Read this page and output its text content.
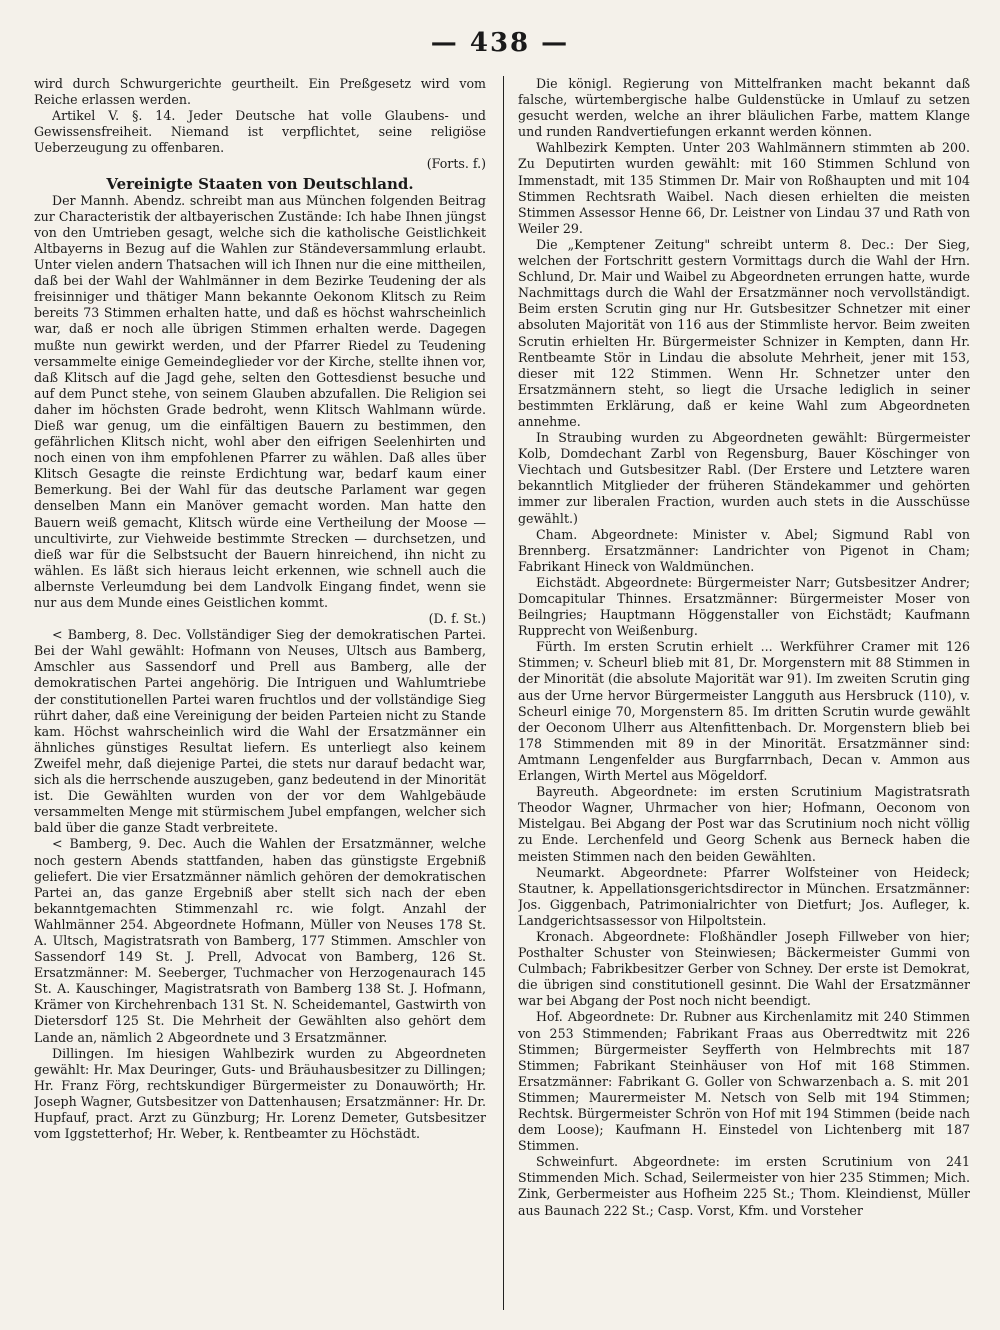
— 438 —

wird durch Schwurgerichte geurtheilt. Ein Preßgesetz wird vom Reiche erlassen werden.

Artikel V. §. 14. Jeder Deutsche hat volle Glaubens- und Gewissensfreiheit. Niemand ist verpflichtet, seine religiöse Ueberzeugung zu offenbaren.

(Forts. f.)

Vereinigte Staaten von Deutschland.

Der Mannh. Abendz. schreibt man aus München folgenden Beitrag zur Characteristik der altbayerischen Zustände: Ich habe Ihnen jüngst von den Umtrieben gesagt, welche sich die katholische Geistlichkeit Altbayerns in Bezug auf die Wahlen zur Ständeversammlung erlaubt. Unter vielen andern Thatsachen will ich Ihnen nur die eine mittheilen, daß bei der Wahl der Wahlmänner in dem Bezirke Teudening der als freisinniger und thätiger Mann bekannte Oekonom Klitsch zu Reim bereits 73 Stimmen erhalten hatte, und daß es höchst wahrscheinlich war, daß er noch alle übrigen Stimmen erhalten werde. Dagegen mußte nun gewirkt werden, und der Pfarrer Riedel zu Teudening versammelte einige Gemeindeglieder vor der Kirche, stellte ihnen vor, daß Klitsch auf die Jagd gehe, selten den Gottesdienst besuche und auf dem Punct stehe, von seinem Glauben abzufallen. Die Religion sei daher im höchsten Grade bedroht, wenn Klitsch Wahlmann würde. Dieß war genug, um die einfältigen Bauern zu bestimmen, den gefährlichen Klitsch nicht, wohl aber den eifrigen Seelenhirten und noch einen von ihm empfohlenen Pfarrer zu wählen. Daß alles über Klitsch Gesagte die reinste Erdichtung war, bedarf kaum einer Bemerkung. Bei der Wahl für das deutsche Parlament war gegen denselben Mann ein Manöver gemacht worden. Man hatte den Bauern weiß gemacht, Klitsch würde eine Vertheilung der Moose — uncultivirte, zur Viehweide bestimmte Strecken — durchsetzen, und dieß war für die Selbstsucht der Bauern hinreichend, ihn nicht zu wählen. Es läßt sich hieraus leicht erkennen, wie schnell auch die albernste Verleumdung bei dem Landvolk Eingang findet, wenn sie nur aus dem Munde eines Geistlichen kommt.

(D. f. St.)

< Bamberg, 8. Dec. Vollständiger Sieg der demokratischen Partei. Bei der Wahl gewählt: Hofmann von Neuses, Ultsch aus Bamberg, Amschler aus Sassendorf und Prell aus Bamberg, alle der demokratischen Partei angehörig. Die Intriguen und Wahlumtriebe der constitutionellen Partei waren fruchtlos und der vollständige Sieg rührt daher, daß eine Vereinigung der beiden Parteien nicht zu Stande kam. Höchst wahrscheinlich wird die Wahl der Ersatzmänner ein ähnliches günstiges Resultat liefern. Es unterliegt also keinem Zweifel mehr, daß diejenige Partei, die stets nur darauf bedacht war, sich als die herrschende auszugeben, ganz bedeutend in der Minorität ist. Die Gewählten wurden von der vor dem Wahlgebäude versammelten Menge mit stürmischem Jubel empfangen, welcher sich bald über die ganze Stadt verbreitete.

< Bamberg, 9. Dec. Auch die Wahlen der Ersatzmänner, welche noch gestern Abends stattfanden, haben das günstigste Ergebniß geliefert. Die vier Ersatzmänner nämlich gehören der demokratischen Partei an, das ganze Ergebniß aber stellt sich nach der eben bekanntgemachten Stimmenzahl rc. wie folgt. Anzahl der Wahlmänner 254. Abgeordnete Hofmann, Müller von Neuses 178 St. A. Ultsch, Magistratsrath von Bamberg, 177 Stimmen. Amschler von Sassendorf 149 St. J. Prell, Advocat von Bamberg, 126 St. Ersatzmänner: M. Seeberger, Tuchmacher von Herzogenaurach 145 St. A. Kauschinger, Magistratsrath von Bamberg 138 St. J. Hofmann, Krämer von Kirchehrenbach 131 St. N. Scheidemantel, Gastwirth von Dietersdorf 125 St. Die Mehrheit der Gewählten also gehört dem Lande an, nämlich 2 Abgeordnete und 3 Ersatzmänner.

Dillingen. Im hiesigen Wahlbezirk wurden zu Abgeordneten gewählt: Hr. Max Deuringer, Guts- und Bräuhausbesitzer zu Dillingen; Hr. Franz Förg, rechtskundiger Bürgermeister zu Donauwörth; Hr. Joseph Wagner, Gutsbesitzer von Dattenhausen; Ersatzmänner: Hr. Dr. Hupfauf, pract. Arzt zu Günzburg; Hr. Lorenz Demeter, Gutsbesitzer vom Iggstetterhof; Hr. Weber, k. Rentbeamter zu Höchstädt.

Die königl. Regierung von Mittelfranken macht bekannt daß falsche, würtembergische halbe Guldenstücke in Umlauf zu setzen gesucht werden, welche an ihrer bläulichen Farbe, mattem Klange und runden Randvertiefungen erkannt werden können.

Wahlbezirk Kempten. Unter 203 Wahlmännern stimmten ab 200. Zu Deputirten wurden gewählt: mit 160 Stimmen Schlund von Immenstadt, mit 135 Stimmen Dr. Mair von Roßhaupten und mit 104 Stimmen Rechtsrath Waibel. Nach diesen erhielten die meisten Stimmen Assessor Henne 66, Dr. Leistner von Lindau 37 und Rath von Weiler 29.

Die „Kemptener Zeitung" schreibt unterm 8. Dec.: Der Sieg, welchen der Fortschritt gestern Vormittags durch die Wahl der Hrn. Schlund, Dr. Mair und Waibel zu Abgeordneten errungen hatte, wurde Nachmittags durch die Wahl der Ersatzmänner noch vervollständigt. Beim ersten Scrutin ging nur Hr. Gutsbesitzer Schnetzer mit einer absoluten Majorität von 116 aus der Stimmliste hervor. Beim zweiten Scrutin erhielten Hr. Bürgermeister Schnizer in Kempten, dann Hr. Rentbeamte Stör in Lindau die absolute Mehrheit, jener mit 153, dieser mit 122 Stimmen. Wenn Hr. Schnetzer unter den Ersatzmännern steht, so liegt die Ursache lediglich in seiner bestimmten Erklärung, daß er keine Wahl zum Abgeordneten annehme.

In Straubing wurden zu Abgeordneten gewählt: Bürgermeister Kolb, Domdechant Zarbl von Regensburg, Bauer Köschinger von Viechtach und Gutsbesitzer Rabl. (Der Erstere und Letztere waren bekanntlich Mitglieder der früheren Ständekammer und gehörten immer zur liberalen Fraction, wurden auch stets in die Ausschüsse gewählt.)

Cham. Abgeordnete: Minister v. Abel; Sigmund Rabl von Brennberg. Ersatzmänner: Landrichter von Pigenot in Cham; Fabrikant Hineck von Waldmünchen.

Eichstädt. Abgeordnete: Bürgermeister Narr; Gutsbesitzer Andrer; Domcapitular Thinnes. Ersatzmänner: Bürgermeister Moser von Beilngries; Hauptmann Höggenstaller von Eichstädt; Kaufmann Rupprecht von Weißenburg.

Fürth. Im ersten Scrutin erhielt ... Werkführer Cramer mit 126 Stimmen; v. Scheurl blieb mit 81, Dr. Morgenstern mit 88 Stimmen in der Minorität (die absolute Majorität war 91). Im zweiten Scrutin ging aus der Urne hervor Bürgermeister Langguth aus Hersbruck (110), v. Scheurl einige 70, Morgenstern 85. Im dritten Scrutin wurde gewählt der Oeconom Ulherr aus Altenfittenbach. Dr. Morgenstern blieb bei 178 Stimmenden mit 89 in der Minorität. Ersatzmänner sind: Amtmann Lengenfelder aus Burgfarrnbach, Decan v. Ammon aus Erlangen, Wirth Mertel aus Mögeldorf.

Bayreuth. Abgeordnete: im ersten Scrutinium Magistratsrath Theodor Wagner, Uhrmacher von hier; Hofmann, Oeconom von Mistelgau. Bei Abgang der Post war das Scrutinium noch nicht völlig zu Ende. Lerchenfeld und Georg Schenk aus Berneck haben die meisten Stimmen nach den beiden Gewählten.

Neumarkt. Abgeordnete: Pfarrer Wolfsteiner von Heideck; Stautner, k. Appellationsgerichtsdirector in München. Ersatzmänner: Jos. Giggenbach, Patrimonialrichter von Dietfurt; Jos. Aufleger, k. Landgerichtsassessor von Hilpoltstein.

Kronach. Abgeordnete: Floßhändler Joseph Fillweber von hier; Posthalter Schuster von Steinwiesen; Bäckermeister Gummi von Culmbach; Fabrikbesitzer Gerber von Schney. Der erste ist Demokrat, die übrigen sind constitutionell gesinnt. Die Wahl der Ersatzmänner war bei Abgang der Post noch nicht beendigt.

Hof. Abgeordnete: Dr. Rubner aus Kirchenlamitz mit 240 Stimmen von 253 Stimmenden; Fabrikant Fraas aus Oberredtwitz mit 226 Stimmen; Bürgermeister Seyfferth von Helmbrechts mit 187 Stimmen; Fabrikant Steinhäuser von Hof mit 168 Stimmen. Ersatzmänner: Fabrikant G. Goller von Schwarzenbach a. S. mit 201 Stimmen; Maurermeister M. Netsch von Selb mit 194 Stimmen; Rechtsk. Bürgermeister Schrön von Hof mit 194 Stimmen (beide nach dem Loose); Kaufmann H. Einstedel von Lichtenberg mit 187 Stimmen.

Schweinfurt. Abgeordnete: im ersten Scrutinium von 241 Stimmenden Mich. Schad, Seilermeister von hier 235 Stimmen; Mich. Zink, Gerbermeister aus Hofheim 225 St.; Thom. Kleindienst, Müller aus Baunach 222 St.; Casp. Vorst, Kfm. und Vorsteher
